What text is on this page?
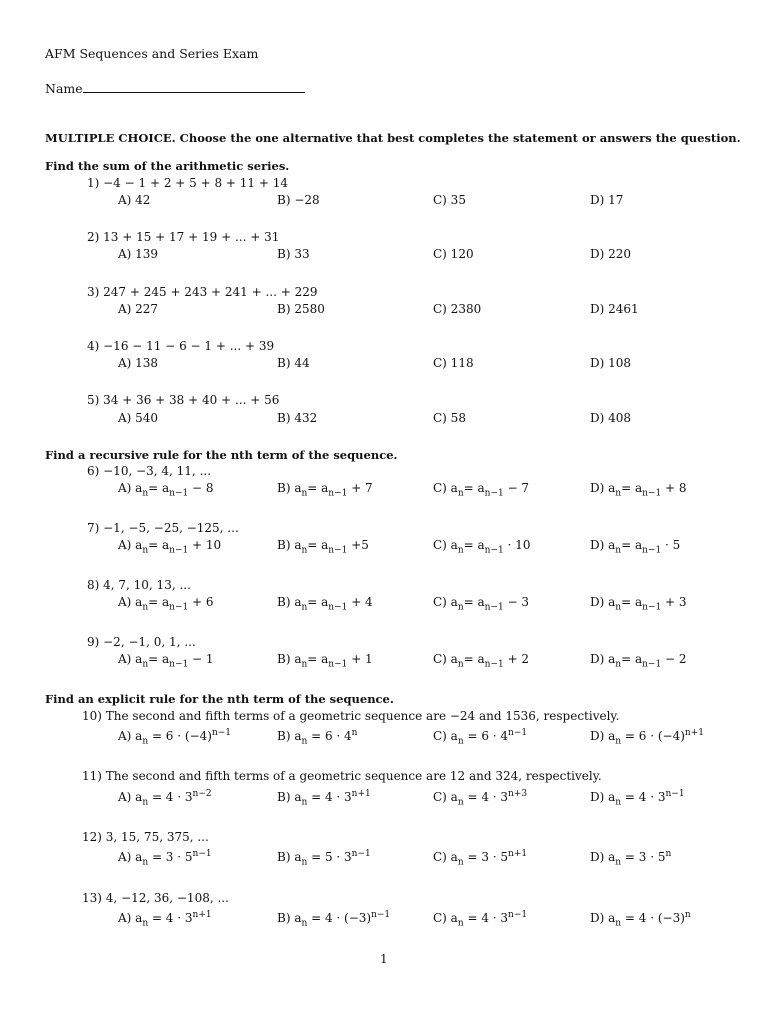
AFM Sequences and Series Exam
Name
MULTIPLE CHOICE. Choose the one alternative that best completes the statement or answers the question.
Find the sum of the arithmetic series.
1) −4 − 1 + 2 + 5 + 8 + 11 + 14
A) 42	B) −28	C) 35	D) 17
2) 13 + 15 + 17 + 19 + ... + 31
A) 139	B) 33	C) 120	D) 220
3) 247 + 245 + 243 + 241 + ... + 229
A) 227	B) 2580	C) 2380	D) 2461
4) −16 − 11 − 6 − 1 + ... + 39
A) 138	B) 44	C) 118	D) 108
5) 34 + 36 + 38 + 40 + ... + 56
A) 540	B) 432	C) 58	D) 408
Find a recursive rule for the nth term of the sequence.
6) −10, −3, 4, 11, ...
A) $a_n= a_{n-1} - 8$	B) $a_n= a_{n-1} + 7$	C) $a_n= a_{n-1} - 7$	D) $a_n= a_{n-1} + 8$
7) −1, −5, −25, −125, ...
A) $a_n= a_{n-1} + 10$	B) $a_n= a_{n-1} +5$	C) $a_n= a_{n-1} \cdot 10$	D) $a_n= a_{n-1} \cdot 5$
8) 4, 7, 10, 13, ...
A) $a_n= a_{n-1} + 6$	B) $a_n= a_{n-1} + 4$	C) $a_n= a_{n-1} - 3$	D) $a_n= a_{n-1} + 3$
9) −2, −1, 0, 1, ...
A) $a_n= a_{n-1} - 1$	B) $a_n= a_{n-1} + 1$	C) $a_n= a_{n-1} + 2$	D) $a_n= a_{n-1} - 2$
Find an explicit rule for the nth term of the sequence.
10) The second and fifth terms of a geometric sequence are −24 and 1536, respectively.
A) $a_n = 6 \cdot (-4)^{n-1}$	B) $a_n = 6 \cdot 4^n$	C) $a_n = 6 \cdot 4^{n-1}$	D) $a_n = 6 \cdot (-4)^{n+1}$
11) The second and fifth terms of a geometric sequence are 12 and 324, respectively.
A) $a_n = 4 \cdot 3^{n-2}$	B) $a_n = 4 \cdot 3^{n+1}$	C) $a_n = 4 \cdot 3^{n+3}$	D) $a_n = 4 \cdot 3^{n-1}$
12) 3, 15, 75, 375, ...
A) $a_n = 3 \cdot 5^{n-1}$	B) $a_n = 5 \cdot 3^{n-1}$	C) $a_n = 3 \cdot 5^{n+1}$	D) $a_n = 3 \cdot 5^n$
13) 4, −12, 36, −108, ...
A) $a_n = 4 \cdot 3^{n+1}$	B) $a_n = 4 \cdot (-3)^{n-1}$	C) $a_n = 4 \cdot 3^{n-1}$	D) $a_n = 4 \cdot (-3)^n$
1
